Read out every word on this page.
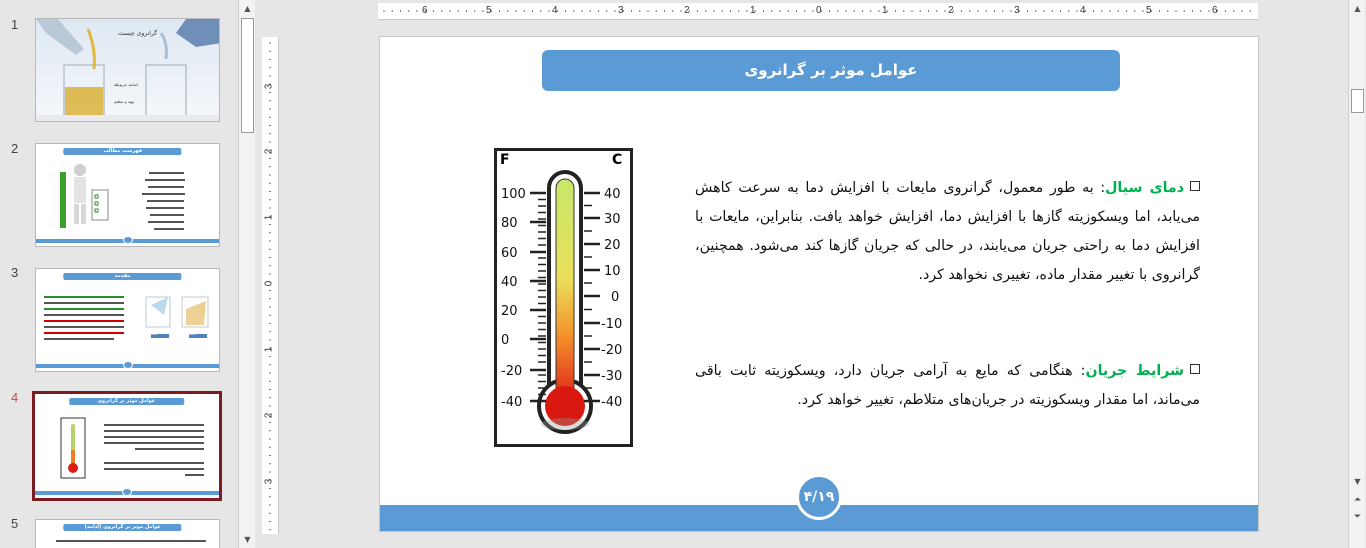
1
گرانروی چیست
اساتید مربوطه
تهیه و تنظیم
2	فهرست مطالب
3	مقدمه
Button	Button
4	عوامل موثر بر گرانروی
5	عوامل موثر بر گرانروی (ادامه)
▲
▼
6	5	4	3	2	1	0	1	2	3	4	5	6
3
2
1
0
1
2
3
عوامل موثر بر گرانروی
F	C
100
80
60
40
20
0
-20
-40
40
30
20
10
0
-10
-20
-30
-40
دمای سیال: به طور معمول، گرانروی مایعات با افزایش دما به سرعت کاهش می‌یابد، اما ویسکوزیته گازها با افزایش دما، افزایش خواهد یافت. بنابراین، مایعات با افزایش دما به راحتی جریان می‌یابند، در حالی که جریان گازها کند می‌شود. همچنین، گرانروی با تغییر مقدار ماده، تغییری نخواهد کرد.
شرایط جریان: هنگامی که مایع به آرامی جریان دارد، ویسکوزیته ثابت باقی می‌ماند، اما مقدار ویسکوزیته در جریان‌های متلاطم، تغییر خواهد کرد.
۴/۱۹
▲
▼
⏶
⏷
